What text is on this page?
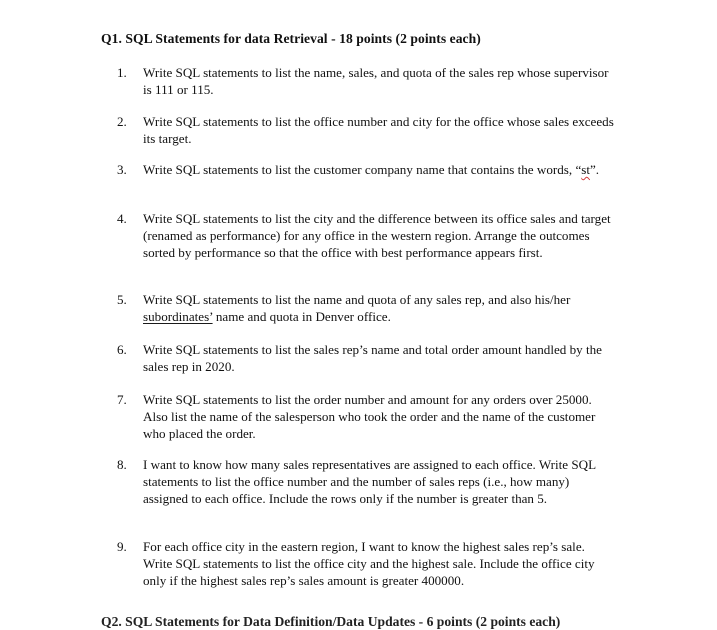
Q1. SQL Statements for data Retrieval - 18 points (2 points each)
1.	Write SQL statements to list the name, sales, and quota of the sales rep whose supervisor is 111 or 115.
2.	Write SQL statements to list the office number and city for the office whose sales exceeds its target.
3.	Write SQL statements to list the customer company name that contains the words, “st”.
4.	Write SQL statements to list the city and the difference between its office sales and target (renamed as performance) for any office in the western region. Arrange the outcomes sorted by performance so that the office with best performance appears first.
5.	Write SQL statements to list the name and quota of any sales rep, and also his/her subordinates’ name and quota in Denver office.
6.	Write SQL statements to list the sales rep’s name and total order amount handled by the sales rep in 2020.
7.	Write SQL statements to list the order number and amount for any orders over 25000. Also list the name of the salesperson who took the order and the name of the customer who placed the order.
8.	I want to know how many sales representatives are assigned to each office. Write SQL statements to list the office number and the number of sales reps (i.e., how many) assigned to each office. Include the rows only if the number is greater than 5.
9.	For each office city in the eastern region, I want to know the highest sales rep’s sale. Write SQL statements to list the office city and the highest sale. Include the office city only if the highest sales rep’s sales amount is greater 400000.
Q2. SQL Statements for Data Definition/Data Updates - 6 points (2 points each)
